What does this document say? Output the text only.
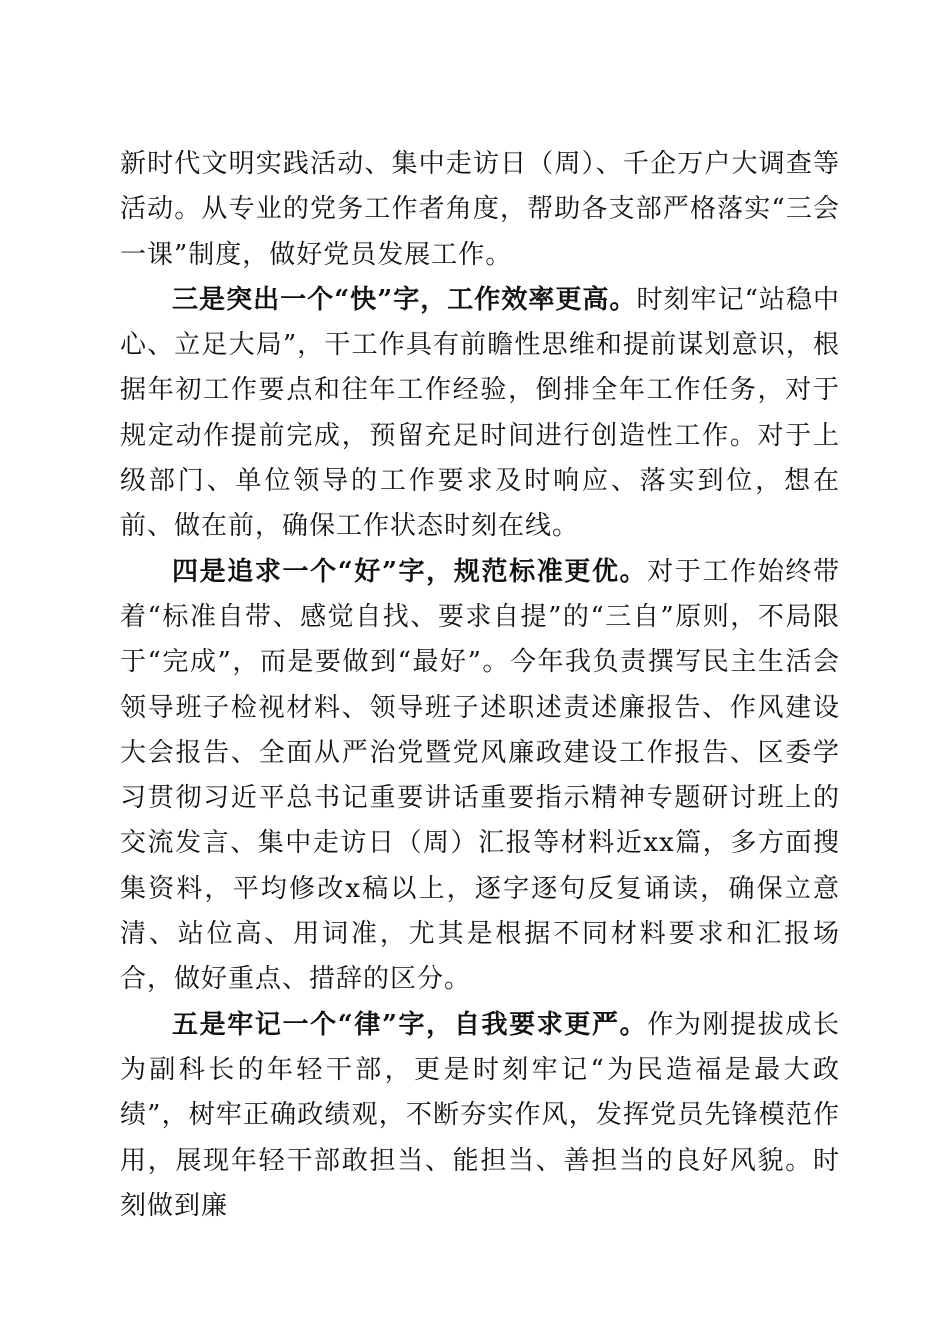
新时代文明实践活动、集中走访日（周）、千企万户大调查等活动。从专业的党务工作者角度，帮助各支部严格落实“三会一课”制度，做好党员发展工作。

三是突出一个“快”字，工作效率更高。时刻牢记“站稳中心、立足大局”，干工作具有前瞻性思维和提前谋划意识，根据年初工作要点和往年工作经验，倒排全年工作任务，对于规定动作提前完成，预留充足时间进行创造性工作。对于上级部门、单位领导的工作要求及时响应、落实到位，想在前、做在前，确保工作状态时刻在线。

四是追求一个“好”字，规范标准更优。对于工作始终带着“标准自带、感觉自找、要求自提”的“三自”原则，不局限于“完成”，而是要做到“最好”。今年我负责撰写民主生活会领导班子检视材料、领导班子述职述责述廉报告、作风建设大会报告、全面从严治党暨党风廉政建设工作报告、区委学习贯彻习近平总书记重要讲话重要指示精神专题研讨班上的交流发言、集中走访日（周）汇报等材料近xx篇，多方面搜集资料，平均修改x稿以上，逐字逐句反复诵读，确保立意清、站位高、用词准，尤其是根据不同材料要求和汇报场合，做好重点、措辞的区分。

五是牢记一个“律”字，自我要求更严。作为刚提拔成长为副科长的年轻干部，更是时刻牢记“为民造福是最大政绩”，树牢正确政绩观，不断夯实作风，发挥党员先锋模范作用，展现年轻干部敢担当、能担当、善担当的良好风貌。时刻做到廉
